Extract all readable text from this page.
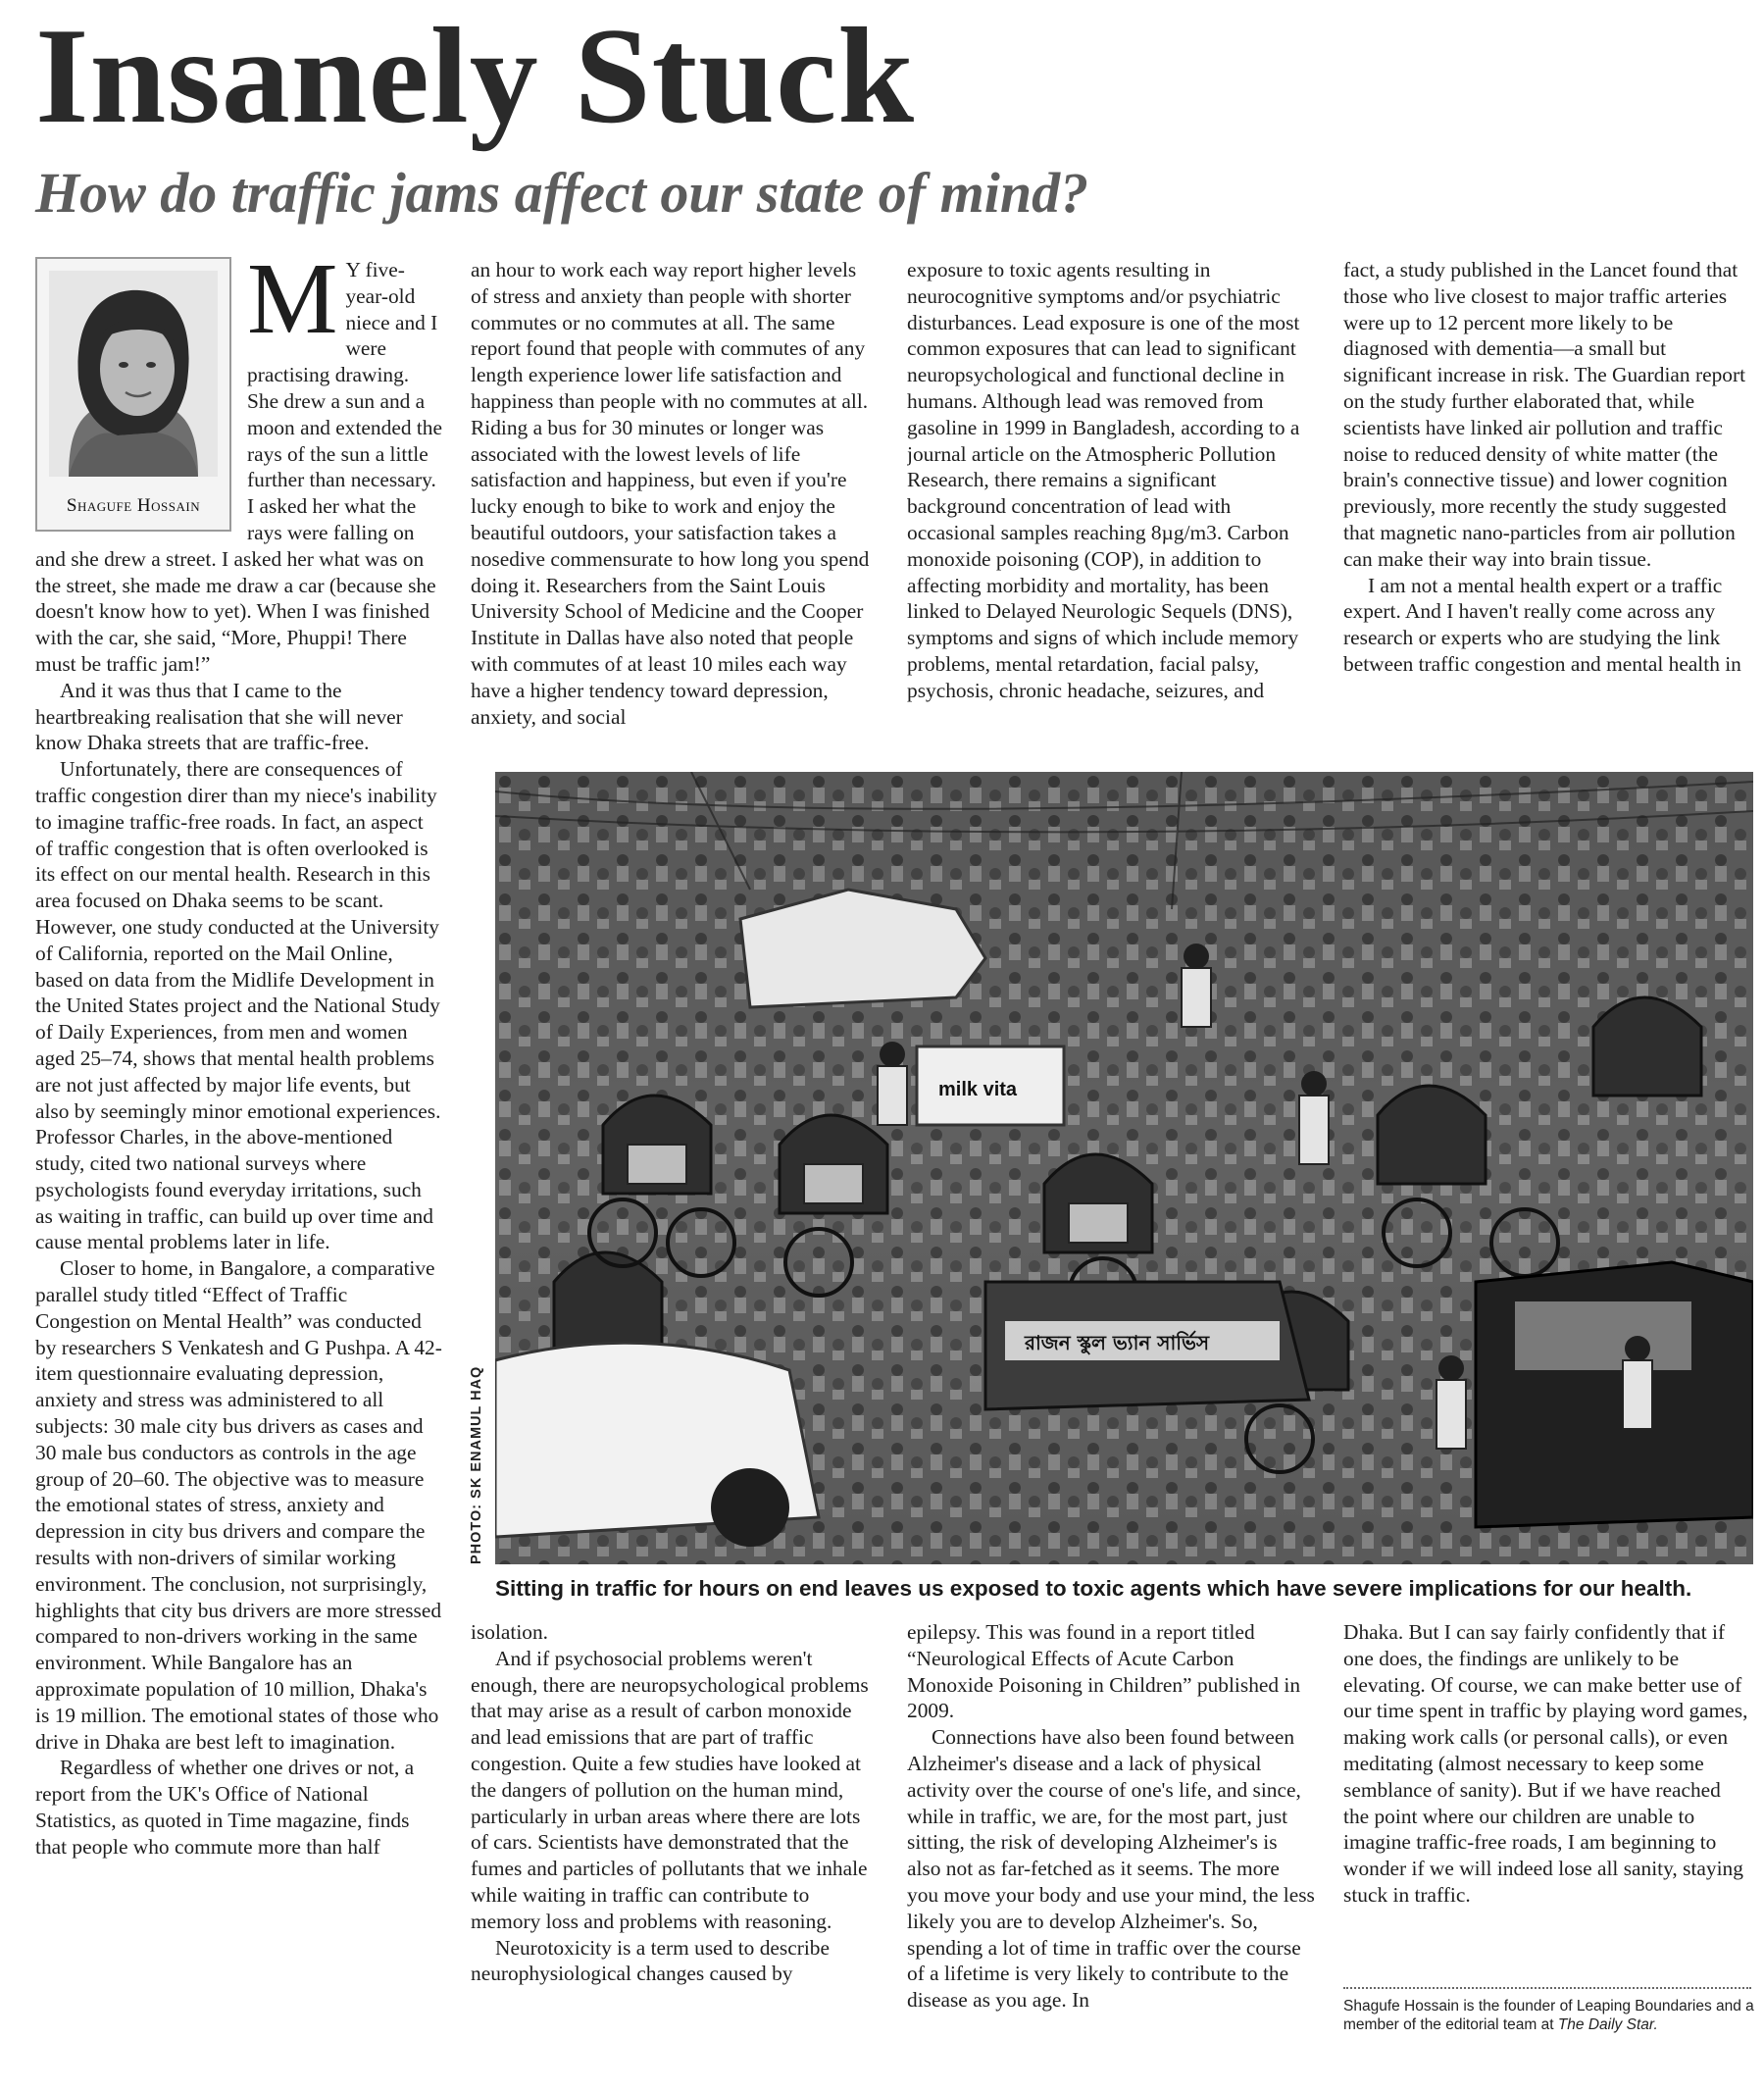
Insanely Stuck
How do traffic jams affect our state of mind?
Shagufe Hossain
M Y five-year-old niece and I were practising drawing. She drew a sun and a moon and extended the rays of the sun a little further than necessary. I asked her what the rays were falling on and she drew a street. I asked her what was on the street, she made me draw a car (because she doesn't know how to yet). When I was finished with the car, she said, “More, Phuppi! There must be traffic jam!”

And it was thus that I came to the heartbreaking realisation that she will never know Dhaka streets that are traffic-free.

Unfortunately, there are consequences of traffic congestion direr than my niece's inability to imagine traffic-free roads. In fact, an aspect of traffic congestion that is often overlooked is its effect on our mental health. Research in this area focused on Dhaka seems to be scant. However, one study conducted at the University of California, reported on the Mail Online, based on data from the Midlife Development in the United States project and the National Study of Daily Experiences, from men and women aged 25–74, shows that mental health problems are not just affected by major life events, but also by seemingly minor emotional experiences. Professor Charles, in the above-mentioned study, cited two national surveys where psychologists found everyday irritations, such as waiting in traffic, can build up over time and cause mental problems later in life.

Closer to home, in Bangalore, a comparative parallel study titled “Effect of Traffic Congestion on Mental Health” was conducted by researchers S Venkatesh and G Pushpa. A 42-item questionnaire evaluating depression, anxiety and stress was administered to all subjects: 30 male city bus drivers as cases and 30 male bus conductors as controls in the age group of 20–60. The objective was to measure the emotional states of stress, anxiety and depression in city bus drivers and compare the results with non-drivers of similar working environment. The conclusion, not surprisingly, highlights that city bus drivers are more stressed compared to non-drivers working in the same environment. While Bangalore has an approximate population of 10 million, Dhaka's is 19 million. The emotional states of those who drive in Dhaka are best left to imagination.

Regardless of whether one drives or not, a report from the UK's Office of National Statistics, as quoted in Time magazine, finds that people who commute more than half

an hour to work each way report higher levels of stress and anxiety than people with shorter commutes or no commutes at all. The same report found that people with commutes of any length experience lower life satisfaction and happiness than people with no commutes at all. Riding a bus for 30 minutes or longer was associated with the lowest levels of life satisfaction and happiness, but even if you're lucky enough to bike to work and enjoy the beautiful outdoors, your satisfaction takes a nosedive commensurate to how long you spend doing it. Researchers from the Saint Louis University School of Medicine and the Cooper Institute in Dallas have also noted that people with commutes of at least 10 miles each way have a higher tendency toward depression, anxiety, and social

exposure to toxic agents resulting in neurocognitive symptoms and/or psychiatric disturbances. Lead exposure is one of the most common exposures that can lead to significant neuropsychological and functional decline in humans. Although lead was removed from gasoline in 1999 in Bangladesh, according to a journal article on the Atmospheric Pollution Research, there remains a significant background concentration of lead with occasional samples reaching 8µg/m3. Carbon monoxide poisoning (COP), in addition to affecting morbidity and mortality, has been linked to Delayed Neurologic Sequels (DNS), symptoms and signs of which include memory problems, mental retardation, facial palsy, psychosis, chronic headache, seizures, and

fact, a study published in the Lancet found that those who live closest to major traffic arteries were up to 12 percent more likely to be diagnosed with dementia—a small but significant increase in risk. The Guardian report on the study further elaborated that, while scientists have linked air pollution and traffic noise to reduced density of white matter (the brain's connective tissue) and lower cognition previously, more recently the study suggested that magnetic nano-particles from air pollution can make their way into brain tissue.

I am not a mental health expert or a traffic expert. And I haven't really come across any research or experts who are studying the link between traffic congestion and mental health in

PHOTO: SK ENAMUL HAQ
milk vita
রাজন স্কুল ভ্যান সার্ভিস

Sitting in traffic for hours on end leaves us exposed to toxic agents which have severe implications for our health.

isolation.

And if psychosocial problems weren't enough, there are neuropsychological problems that may arise as a result of carbon monoxide and lead emissions that are part of traffic congestion. Quite a few studies have looked at the dangers of pollution on the human mind, particularly in urban areas where there are lots of cars. Scientists have demonstrated that the fumes and particles of pollutants that we inhale while waiting in traffic can contribute to memory loss and problems with reasoning.

Neurotoxicity is a term used to describe neurophysiological changes caused by

epilepsy. This was found in a report titled “Neurological Effects of Acute Carbon Monoxide Poisoning in Children” published in 2009.

Connections have also been found between Alzheimer's disease and a lack of physical activity over the course of one's life, and since, while in traffic, we are, for the most part, just sitting, the risk of developing Alzheimer's is also not as far-fetched as it seems. The more you move your body and use your mind, the less likely you are to develop Alzheimer's. So, spending a lot of time in traffic over the course of a lifetime is very likely to contribute to the disease as you age. In

Dhaka. But I can say fairly confidently that if one does, the findings are unlikely to be elevating. Of course, we can make better use of our time spent in traffic by playing word games, making work calls (or personal calls), or even meditating (almost necessary to keep some semblance of sanity). But if we have reached the point where our children are unable to imagine traffic-free roads, I am beginning to wonder if we will indeed lose all sanity, staying stuck in traffic.

Shagufe Hossain is the founder of Leaping Boundaries and a member of the editorial team at The Daily Star.
